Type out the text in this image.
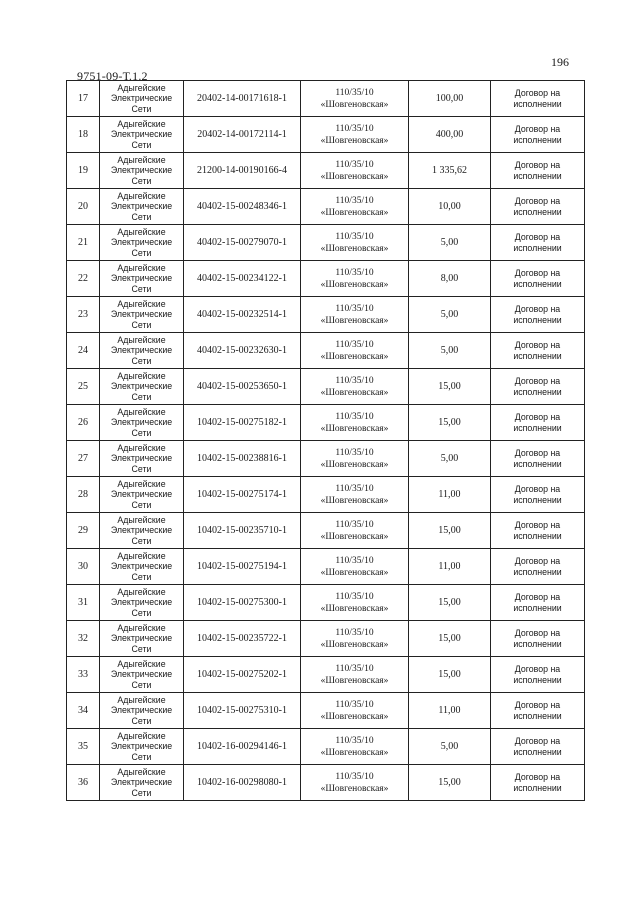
196
9751-09-Т.1.2
17	Адыгейские
Электрические
Сети	20402-14-00171618-1	110/35/10
«Шовгеновская»	100,00	Договор на
исполнении

18	Адыгейские
Электрические
Сети	20402-14-00172114-1	110/35/10
«Шовгеновская»	400,00	Договор на
исполнении

19	Адыгейские
Электрические
Сети	21200-14-00190166-4	110/35/10
«Шовгеновская»	1 335,62	Договор на
исполнении

20	Адыгейские
Электрические
Сети	40402-15-00248346-1	110/35/10
«Шовгеновская»	10,00	Договор на
исполнении

21	Адыгейские
Электрические
Сети	40402-15-00279070-1	110/35/10
«Шовгеновская»	5,00	Договор на
исполнении

22	Адыгейские
Электрические
Сети	40402-15-00234122-1	110/35/10
«Шовгеновская»	8,00	Договор на
исполнении

23	Адыгейские
Электрические
Сети	40402-15-00232514-1	110/35/10
«Шовгеновская»	5,00	Договор на
исполнении

24	Адыгейские
Электрические
Сети	40402-15-00232630-1	110/35/10
«Шовгеновская»	5,00	Договор на
исполнении

25	Адыгейские
Электрические
Сети	40402-15-00253650-1	110/35/10
«Шовгеновская»	15,00	Договор на
исполнении

26	Адыгейские
Электрические
Сети	10402-15-00275182-1	110/35/10
«Шовгеновская»	15,00	Договор на
исполнении

27	Адыгейские
Электрические
Сети	10402-15-00238816-1	110/35/10
«Шовгеновская»	5,00	Договор на
исполнении

28	Адыгейские
Электрические
Сети	10402-15-00275174-1	110/35/10
«Шовгеновская»	11,00	Договор на
исполнении

29	Адыгейские
Электрические
Сети	10402-15-00235710-1	110/35/10
«Шовгеновская»	15,00	Договор на
исполнении

30	Адыгейские
Электрические
Сети	10402-15-00275194-1	110/35/10
«Шовгеновская»	11,00	Договор на
исполнении

31	Адыгейские
Электрические
Сети	10402-15-00275300-1	110/35/10
«Шовгеновская»	15,00	Договор на
исполнении

32	Адыгейские
Электрические
Сети	10402-15-00235722-1	110/35/10
«Шовгеновская»	15,00	Договор на
исполнении

33	Адыгейские
Электрические
Сети	10402-15-00275202-1	110/35/10
«Шовгеновская»	15,00	Договор на
исполнении

34	Адыгейские
Электрические
Сети	10402-15-00275310-1	110/35/10
«Шовгеновская»	11,00	Договор на
исполнении

35	Адыгейские
Электрические
Сети	10402-16-00294146-1	110/35/10
«Шовгеновская»	5,00	Договор на
исполнении

36	Адыгейские
Электрические
Сети	10402-16-00298080-1	110/35/10
«Шовгеновская»	15,00	Договор на
исполнении
